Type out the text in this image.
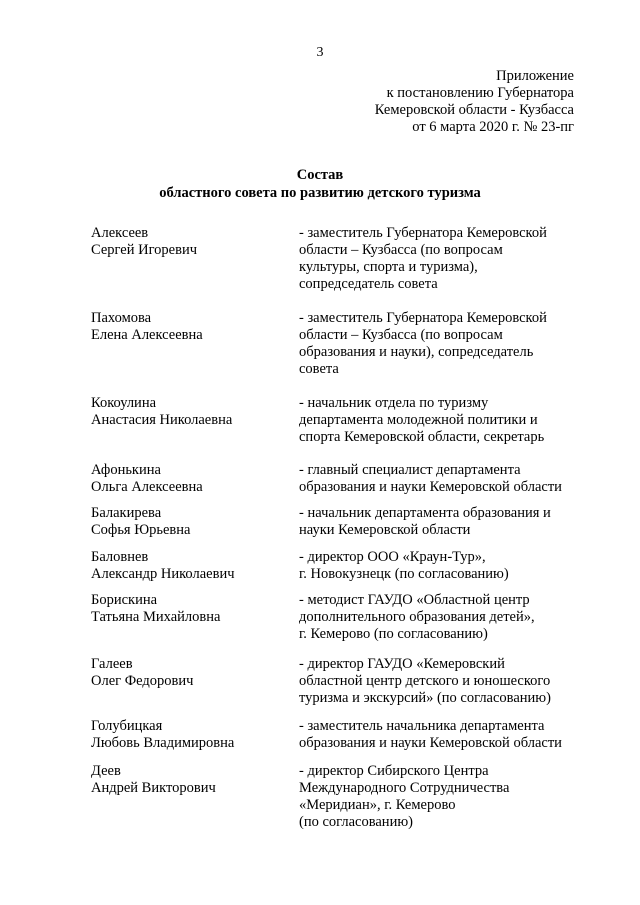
3
Приложение
к постановлению Губернатора
Кемеровской области - Кузбасса
от 6 марта 2020 г. № 23-пг
Состав
областного совета по развитию детского туризма
Алексеев
Сергей Игоревич
- заместитель Губернатора Кемеровской
области – Кузбасса (по вопросам
культуры, спорта и туризма),
сопредседатель совета
Пахомова
Елена Алексеевна
- заместитель Губернатора Кемеровской
области – Кузбасса (по вопросам
образования и науки), сопредседатель
совета
Кокоулина
Анастасия Николаевна
- начальник отдела по туризму
департамента молодежной политики и
спорта Кемеровской области, секретарь
Афонькина
Ольга Алексеевна
- главный специалист департамента
образования и науки Кемеровской области
Балакирева
Софья Юрьевна
- начальник департамента образования и
науки Кемеровской области
Баловнев
Александр Николаевич
- директор ООО «Краун-Тур»,
г. Новокузнецк (по согласованию)
Борискина
Татьяна Михайловна
- методист ГАУДО «Областной центр
дополнительного образования детей»,
г. Кемерово (по согласованию)
Галеев
Олег Федорович
- директор ГАУДО «Кемеровский
областной центр детского и юношеского
туризма и экскурсий» (по согласованию)
Голубицкая
Любовь Владимировна
- заместитель начальника департамента
образования и науки Кемеровской области
Деев
Андрей Викторович
- директор Сибирского Центра
Международного Сотрудничества
«Меридиан», г. Кемерово
(по согласованию)
